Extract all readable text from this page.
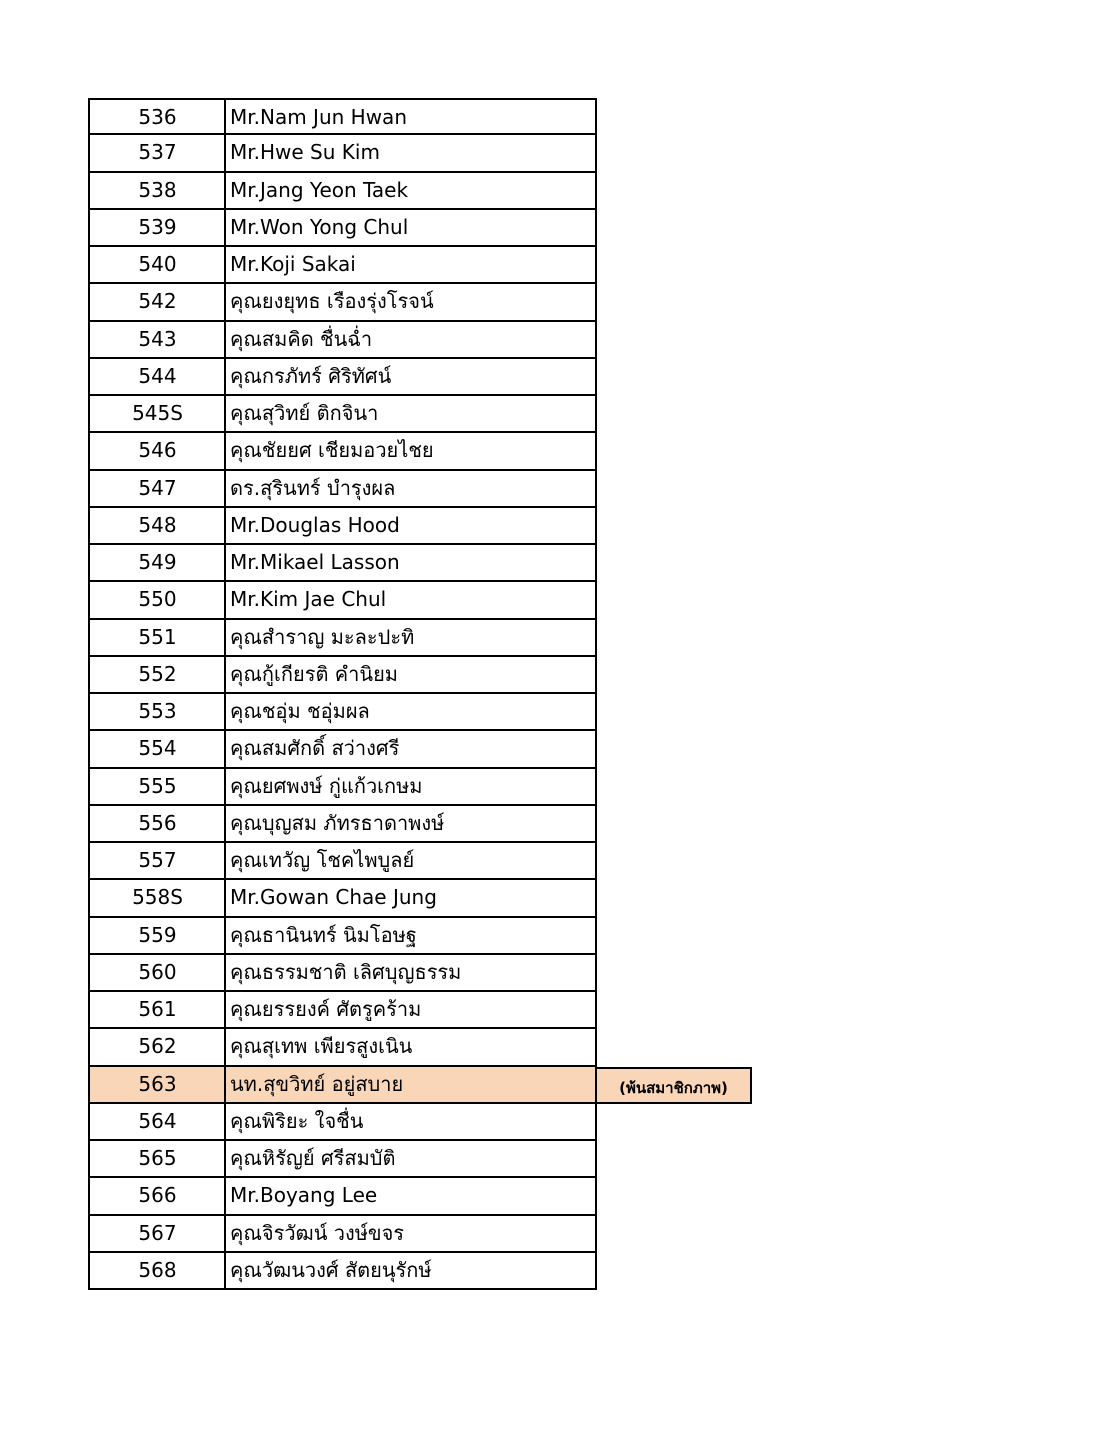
536	Mr.Nam Jun Hwan
537	Mr.Hwe Su Kim
538	Mr.Jang Yeon Taek
539	Mr.Won Yong Chul
540	Mr.Koji Sakai
542	คุณยงยุทธ เรืองรุ่งโรจน์
543	คุณสมคิด ชื่นฉ่ำ
544	คุณกรภัทร์ ศิริทัศน์
545S	คุณสุวิทย์ ติกจินา
546	คุณชัยยศ เชียมอวยไชย
547	ดร.สุรินทร์ บำรุงผล
548	Mr.Douglas Hood
549	Mr.Mikael Lasson
550	Mr.Kim Jae Chul
551	คุณสำราญ มะละปะทิ
552	คุณกู้เกียรติ คำนิยม
553	คุณชอุ่ม ชอุ่มผล
554	คุณสมศักดิ์ สว่างศรี
555	คุณยศพงษ์ กู่แก้วเกษม
556	คุณบุญสม ภัทรธาดาพงษ์
557	คุณเทวัญ โชคไพบูลย์
558S	Mr.Gowan Chae Jung
559	คุณธานินทร์ นิมโอษฐ
560	คุณธรรมชาติ เลิศบุญธรรม
561	คุณยรรยงค์ ศัตรูคร้าม
562	คุณสุเทพ เพียรสูงเนิน
563	นท.สุขวิทย์ อยู่สบาย	(พ้นสมาชิกภาพ)
564	คุณพิริยะ ใจชื่น
565	คุณหิรัญย์ ศรีสมบัติ
566	Mr.Boyang Lee
567	คุณจิรวัฒน์ วงษ์ขจร
568	คุณวัฒนวงศ์ สัตยนุรักษ์
